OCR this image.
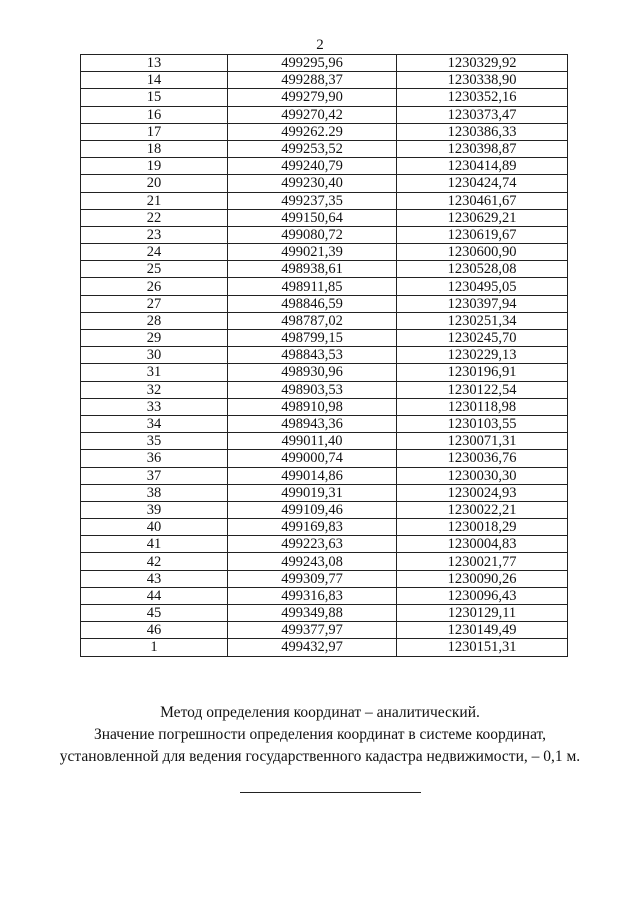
2
13	499295,96	1230329,92
14	499288,37	1230338,90
15	499279,90	1230352,16
16	499270,42	1230373,47
17	499262.29	1230386,33
18	499253,52	1230398,87
19	499240,79	1230414,89
20	499230,40	1230424,74
21	499237,35	1230461,67
22	499150,64	1230629,21
23	499080,72	1230619,67
24	499021,39	1230600,90
25	498938,61	1230528,08
26	498911,85	1230495,05
27	498846,59	1230397,94
28	498787,02	1230251,34
29	498799,15	1230245,70
30	498843,53	1230229,13
31	498930,96	1230196,91
32	498903,53	1230122,54
33	498910,98	1230118,98
34	498943,36	1230103,55
35	499011,40	1230071,31
36	499000,74	1230036,76
37	499014,86	1230030,30
38	499019,31	1230024,93
39	499109,46	1230022,21
40	499169,83	1230018,29
41	499223,63	1230004,83
42	499243,08	1230021,77
43	499309,77	1230090,26
44	499316,83	1230096,43
45	499349,88	1230129,11
46	499377,97	1230149,49
1	499432,97	1230151,31

Метод определения координат – аналитический.

Значение погрешности определения координат в системе координат,

установленной для ведения государственного кадастра недвижимости, – 0,1 м.
